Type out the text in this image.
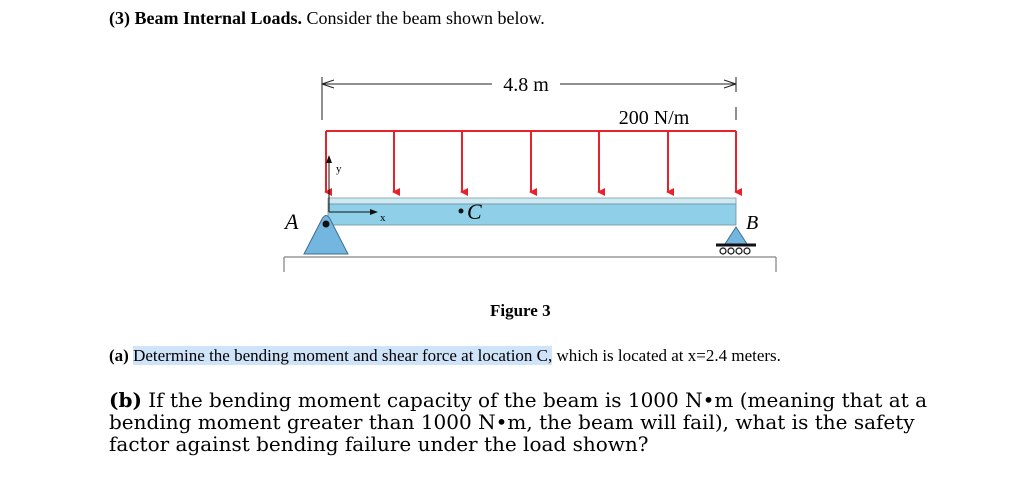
(3) Beam Internal Loads. Consider the beam shown below.
4.8 m
200 N/m
y
x	C
A	B
Figure 3
(a) Determine the bending moment and shear force at location C, which is located at x=2.4 meters.
(b) If the bending moment capacity of the beam is 1000 N•m (meaning that at a bending moment greater than 1000 N•m, the beam will fail), what is the safety factor against bending failure under the load shown?
